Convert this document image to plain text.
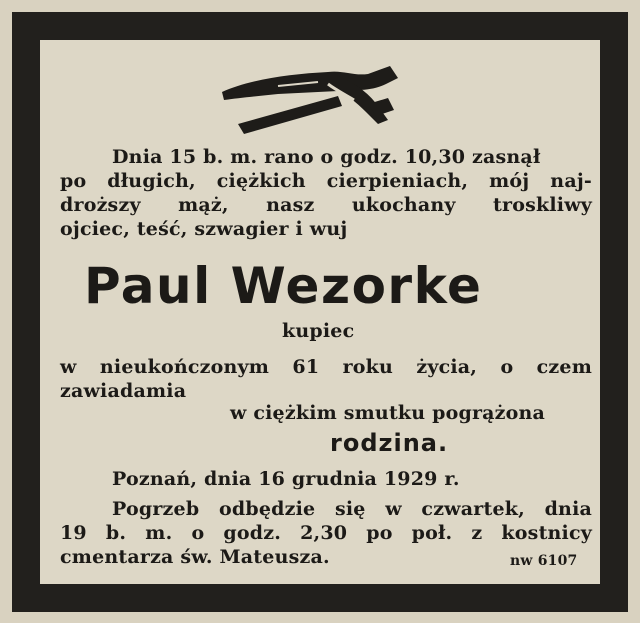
Dnia 15 b. m. rano o godz. 10,30 zasnął
po długich, ciężkich cierpieniach, mój naj-
droższy mąż, nasz ukochany troskliwy
ojciec, teść, szwagier i wuj
Paul Wezorke
kupiec
w nieukończonym 61 roku życia, o czem
zawiadamia
w ciężkim smutku pogrążona
rodzina.
Poznań, dnia 16 grudnia 1929 r.
Pogrzeb odbędzie się w czwartek, dnia
19 b. m. o godz. 2,30 po poł. z kostnicy
cmentarza św. Mateusza.	nw 6107
